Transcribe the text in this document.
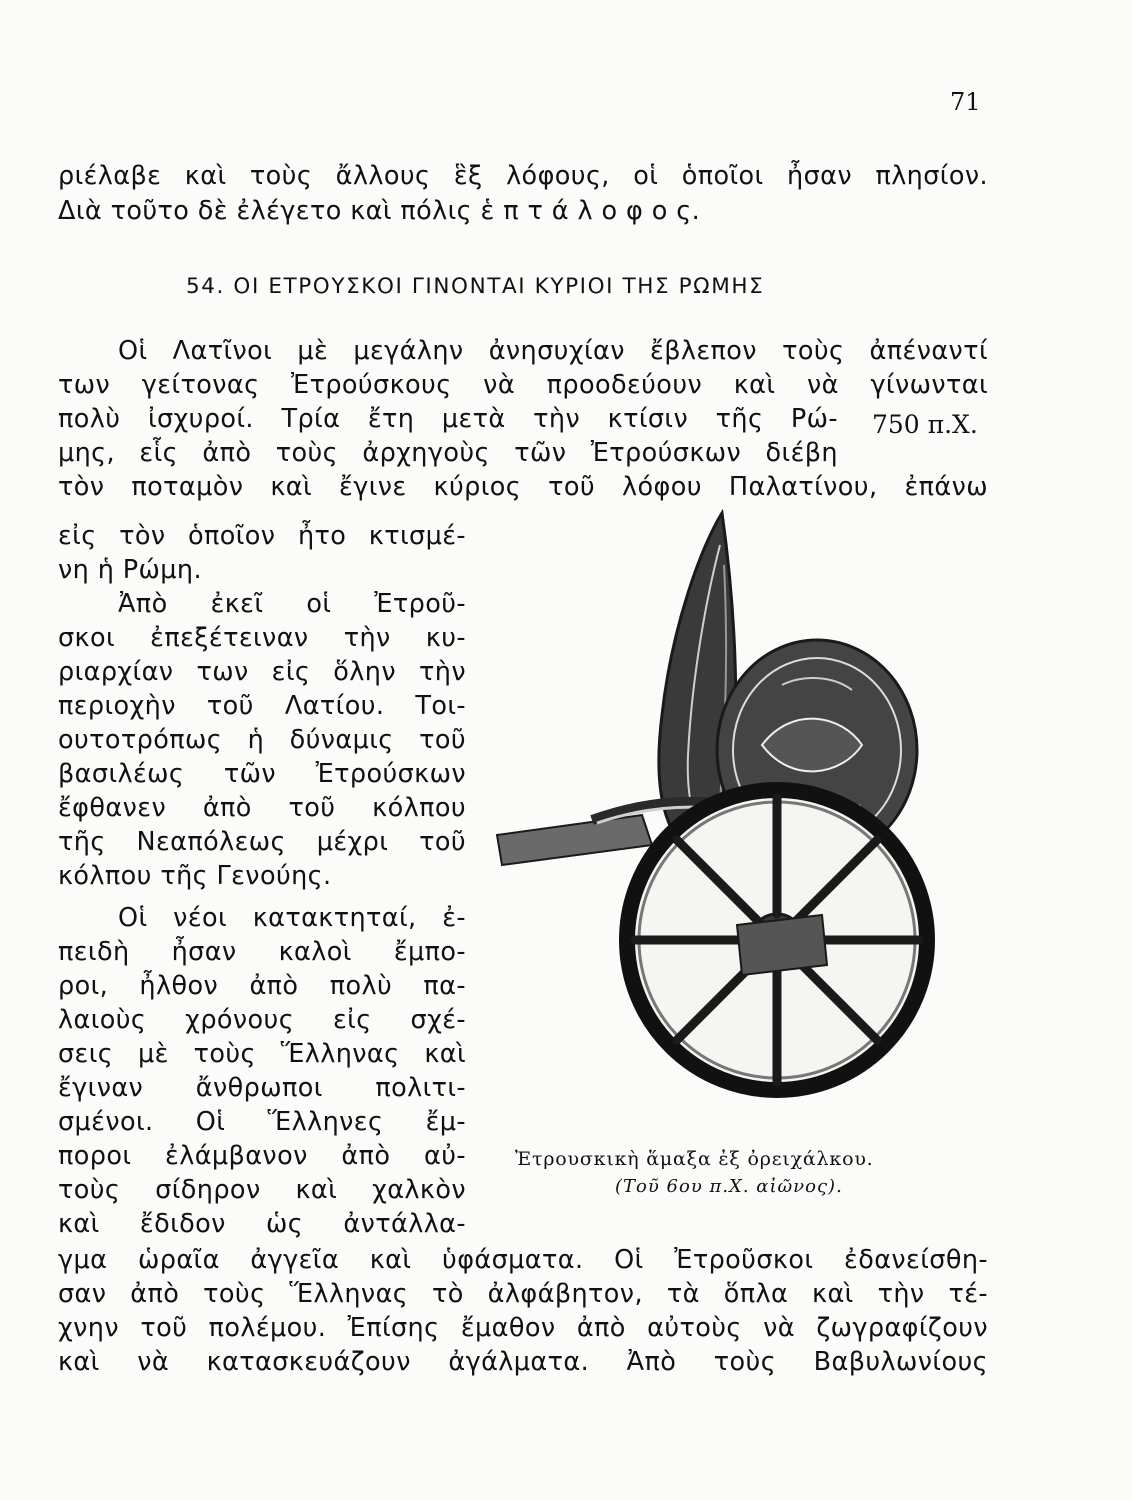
71
ριέλαβε καὶ τοὺς ἄλλους ἓξ λόφους, οἱ ὁποῖοι ἦσαν πλησίον.
Διὰ τοῦτο δὲ ἐλέγετο καὶ πόλις ἑ π τ ά λ ο φ ο ς.
54. ΟΙ ΕΤΡΟΥΣΚΟΙ ΓΙΝΟΝΤΑΙ ΚΥΡΙΟΙ ΤΗΣ ΡΩΜΗΣ
Οἱ Λατῖνοι μὲ μεγάλην ἀνησυχίαν ἔβλεπον τοὺς ἀπέναντί
των γείτονας Ἐτρούσκους νὰ προοδεύουν καὶ νὰ γίνωνται
πολὺ ἰσχυροί. Τρία ἔτη μετὰ τὴν κτίσιν τῆς Ρώ-
μης, εἷς ἀπὸ τοὺς ἀρχηγοὺς τῶν Ἐτρούσκων διέβη
τὸν ποταμὸν καὶ ἔγινε κύριος τοῦ λόφου Παλατίνου, ἐπάνω
750 π.Χ.
εἰς τὸν ὁποῖον ἦτο κτισμέ-
νη ἡ Ρώμη.
Ἀπὸ ἐκεῖ οἱ Ἐτροῦ-
σκοι ἐπεξέτειναν τὴν κυ-
ριαρχίαν των εἰς ὅλην τὴν
περιοχὴν τοῦ Λατίου. Τοι-
ουτοτρόπως ἡ δύναμις τοῦ
βασιλέως τῶν Ἐτρούσκων
ἔφθανεν ἀπὸ τοῦ κόλπου
τῆς Νεαπόλεως μέχρι τοῦ
κόλπου τῆς Γενούης.
Οἱ νέοι κατακτηταί, ἐ-
πειδὴ ἦσαν καλοὶ ἔμπο-
ροι, ἦλθον ἀπὸ πολὺ πα-
λαιοὺς χρόνους εἰς σχέ-
σεις μὲ τοὺς Ἕλληνας καὶ
ἔγιναν ἄνθρωποι πολιτι-
σμένοι. Οἱ Ἕλληνες ἔμ-
ποροι ἐλάμβανον ἀπὸ αὐ-
τοὺς σίδηρον καὶ χαλκὸν
καὶ ἔδιδον ὡς ἀντάλλα-
γμα ὡραῖα ἀγγεῖα καὶ ὑφάσματα. Οἱ Ἐτροῦσκοι ἐδανείσθη-
σαν ἀπὸ τοὺς Ἕλληνας τὸ ἀλφάβητον, τὰ ὅπλα καὶ τὴν τέ-
χνην τοῦ πολέμου. Ἐπίσης ἔμαθον ἀπὸ αὐτοὺς νὰ ζωγραφίζουν
καὶ νὰ κατασκευάζουν ἀγάλματα. Ἀπὸ τοὺς Βαβυλωνίους
Ἐτρουσκικὴ ἅμαξα ἐξ ὀρειχάλκου.
(Τοῦ 6ου π.Χ. αἰῶνος).
